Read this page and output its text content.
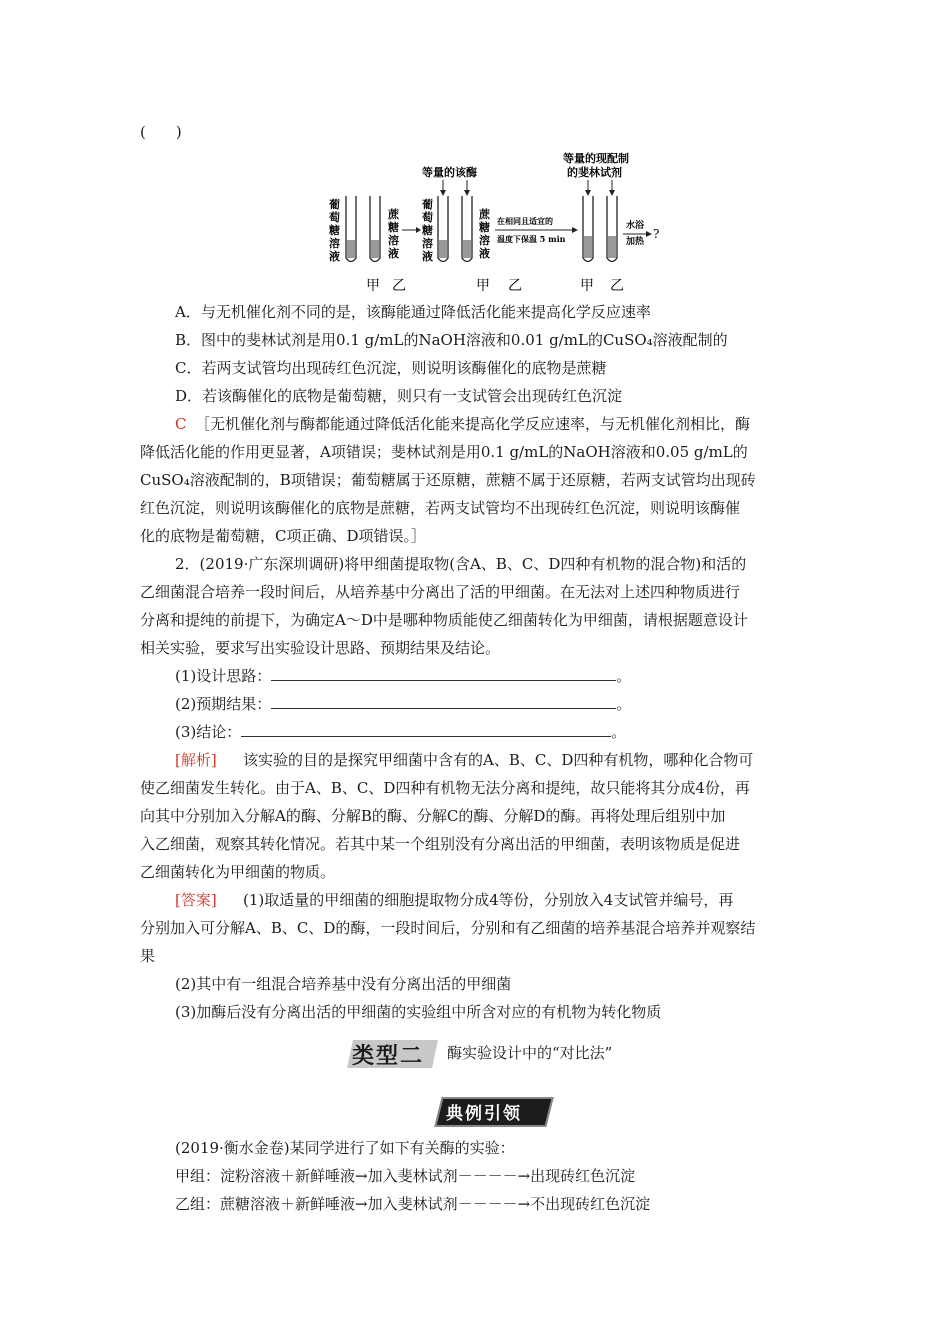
(　　)
葡
萄
糖
溶
液
蔗
糖
溶
液
等量的该酶
葡
萄
糖
溶
液
蔗
糖
溶
液
在相同且适宜的
温度下保温 5 min
等量的现配制
的斐林试剂
水浴
加热
?
甲 乙	甲 乙	甲 乙
A．与无机催化剂不同的是，该酶能通过降低活化能来提高化学反应速率
B．图中的斐林试剂是用0.1 g/mL的NaOH溶液和0.01 g/mL的CuSO₄溶液配制的
C．若两支试管均出现砖红色沉淀，则说明该酶催化的底物是蔗糖
D．若该酶催化的底物是葡萄糖，则只有一支试管会出现砖红色沉淀
C ［无机催化剂与酶都能通过降低活化能来提高化学反应速率，与无机催化剂相比，酶
降低活化能的作用更显著，A项错误；斐林试剂是用0.1 g/mL的NaOH溶液和0.05 g/mL的
CuSO₄溶液配制的，B项错误；葡萄糖属于还原糖，蔗糖不属于还原糖，若两支试管均出现砖
红色沉淀，则说明该酶催化的底物是蔗糖，若两支试管均不出现砖红色沉淀，则说明该酶催
化的底物是葡萄糖，C项正确、D项错误。］
2．(2019·广东深圳调研)将甲细菌提取物(含A、B、C、D四种有机物的混合物)和活的
乙细菌混合培养一段时间后，从培养基中分离出了活的甲细菌。在无法对上述四种物质进行
分离和提纯的前提下，为确定A～D中是哪种物质能使乙细菌转化为甲细菌，请根据题意设计
相关实验，要求写出实验设计思路、预期结果及结论。
(1)设计思路：	。
(2)预期结果：	。
(3)结论：	。
[解析] 该实验的目的是探究甲细菌中含有的A、B、C、D四种有机物，哪种化合物可
使乙细菌发生转化。由于A、B、C、D四种有机物无法分离和提纯，故只能将其分成4份，再
向其中分别加入分解A的酶、分解B的酶、分解C的酶、分解D的酶。再将处理后组别中加
入乙细菌，观察其转化情况。若其中某一个组别没有分离出活的甲细菌，表明该物质是促进
乙细菌转化为甲细菌的物质。
[答案] (1)取适量的甲细菌的细胞提取物分成4等份，分别放入4支试管并编号，再
分别加入可分解A、B、C、D的酶，一段时间后，分别和有乙细菌的培养基混合培养并观察结
果
(2)其中有一组混合培养基中没有分离出活的甲细菌
(3)加酶后没有分离出活的甲细菌的实验组中所含对应的有机物为转化物质
类型二 酶实验设计中的“对比法”
典例引领
(2019·衡水金卷)某同学进行了如下有关酶的实验：
甲组：淀粉溶液＋新鲜唾液→加入斐林试剂－－－－→出现砖红色沉淀
乙组：蔗糖溶液＋新鲜唾液→加入斐林试剂－－－－→不出现砖红色沉淀
